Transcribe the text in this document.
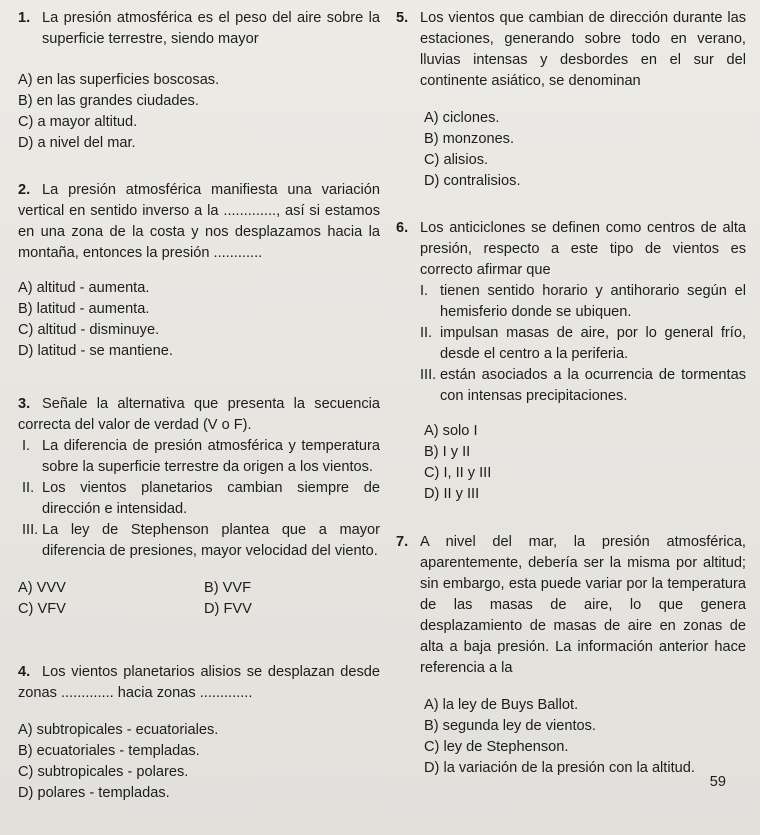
1. La presión atmosférica es el peso del aire sobre la superficie terrestre, siendo mayor
A) en las superficies boscosas.
B) en las grandes ciudades.
C) a mayor altitud.
D) a nivel del mar.
2. La presión atmosférica manifiesta una variación vertical en sentido inverso a la ............., así si estamos en una zona de la costa y nos desplazamos hacia la montaña, entonces la presión ............
A) altitud - aumenta.
B) latitud - aumenta.
C) altitud - disminuye.
D) latitud - se mantiene.
3. Señale la alternativa que presenta la secuencia correcta del valor de verdad (V o F).
I. La diferencia de presión atmosférica y temperatura sobre la superficie terrestre da origen a los vientos.
II. Los vientos planetarios cambian siempre de dirección e intensidad.
III. La ley de Stephenson plantea que a mayor diferencia de presiones, mayor velocidad del viento.
A) VVV	B) VVF
C) VFV	D) FVV
4. Los vientos planetarios alisios se desplazan desde zonas ............. hacia zonas .............
A) subtropicales - ecuatoriales.
B) ecuatoriales - templadas.
C) subtropicales - polares.
D) polares - templadas.
5. Los vientos que cambian de dirección durante las estaciones, generando sobre todo en verano, lluvias intensas y desbordes en el sur del continente asiático, se denominan
A) ciclones.
B) monzones.
C) alisios.
D) contralisios.
6. Los anticiclones se definen como centros de alta presión, respecto a este tipo de vientos es correcto afirmar que
I. tienen sentido horario y antihorario según el hemisferio donde se ubiquen.
II. impulsan masas de aire, por lo general frío, desde el centro a la periferia.
III. están asociados a la ocurrencia de tormentas con intensas precipitaciones.
A) solo I
B) I y II
C) I, II y III
D) II y III
7. A nivel del mar, la presión atmosférica, aparentemente, debería ser la misma por altitud; sin embargo, esta puede variar por la temperatura de las masas de aire, lo que genera desplazamiento de masas de aire en zonas de alta a baja presión. La información anterior hace referencia a la
A) la ley de Buys Ballot.
B) segunda ley de vientos.
C) ley de Stephenson.
D) la variación de la presión con la altitud.
59
